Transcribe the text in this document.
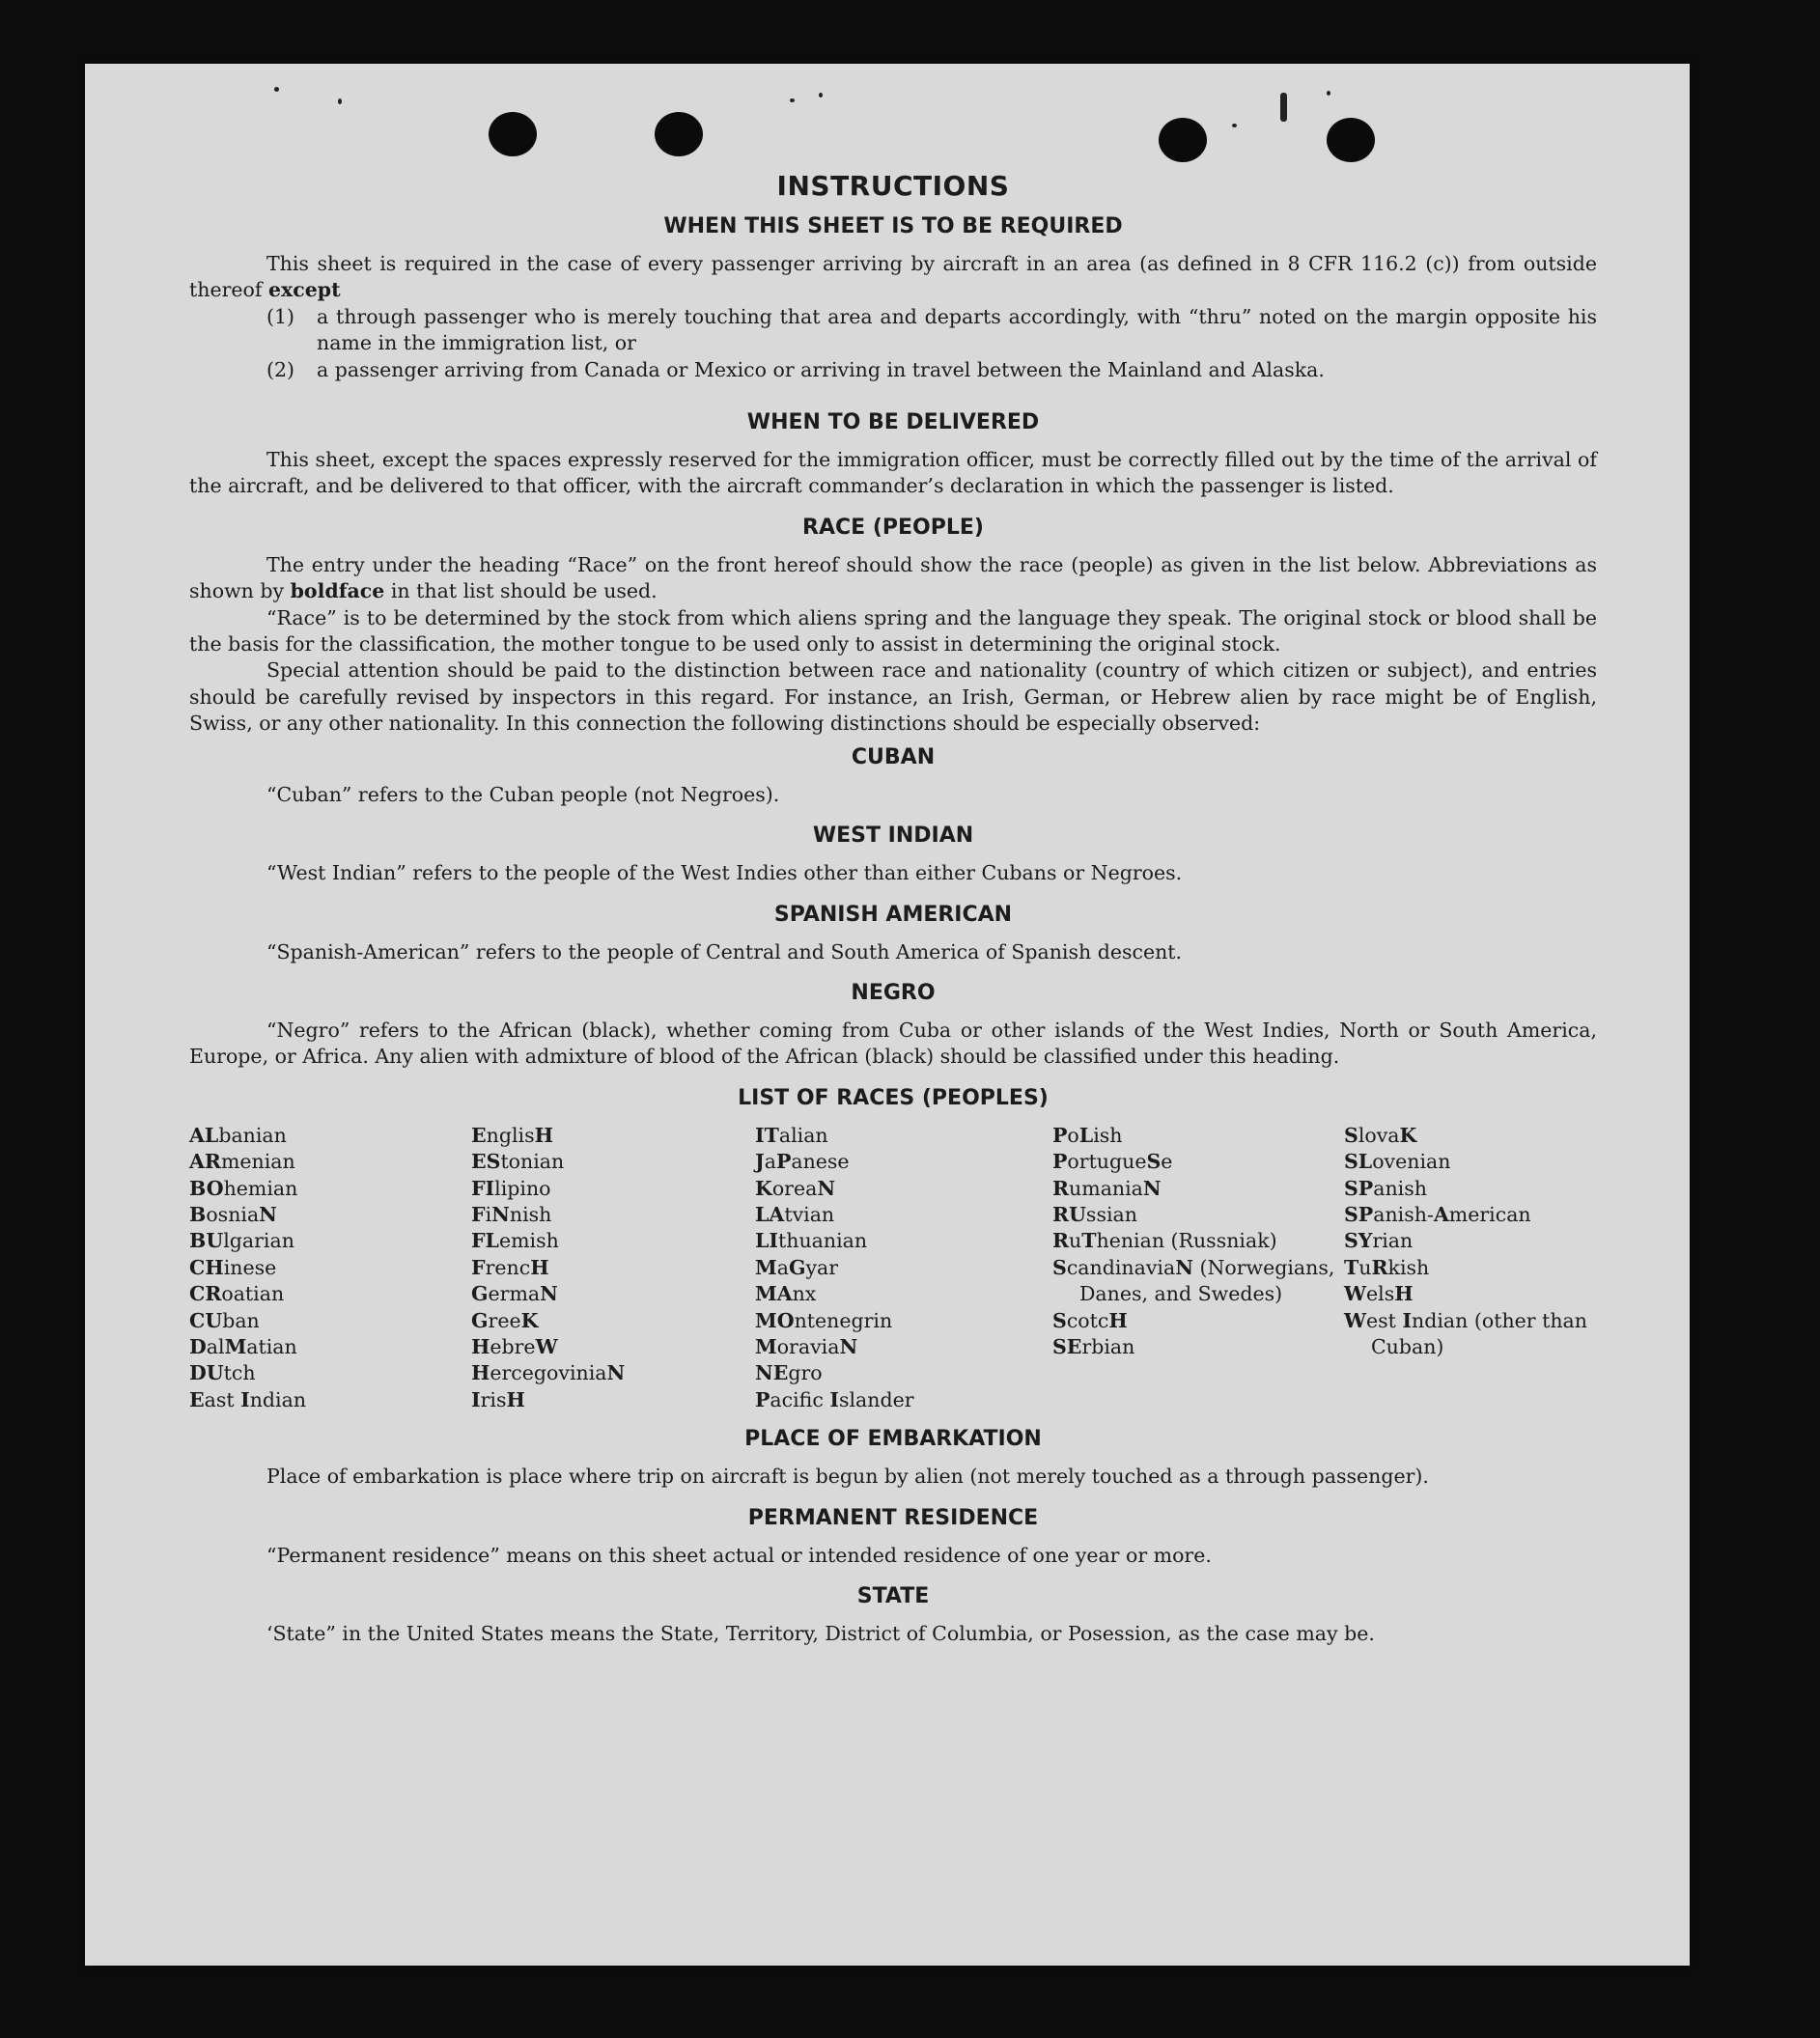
INSTRUCTIONS
WHEN THIS SHEET IS TO BE REQUIRED

This sheet is required in the case of every passenger arriving by aircraft in an area (as defined in 8 CFR 116.2 (c)) from outside thereof except

(1)	a through passenger who is merely touching that area and departs accordingly, with “thru” noted on the margin opposite his name in the immigration list, or
(2)	a passenger arriving from Canada or Mexico or arriving in travel between the Mainland and Alaska.
WHEN TO BE DELIVERED

This sheet, except the spaces expressly reserved for the immigration officer, must be correctly filled out by the time of the arrival of the aircraft, and be delivered to that officer, with the aircraft commander’s declaration in which the passenger is listed.

RACE (PEOPLE)

The entry under the heading “Race” on the front hereof should show the race (people) as given in the list below. Abbreviations as shown by boldface in that list should be used.

“Race” is to be determined by the stock from which aliens spring and the language they speak. The original stock or blood shall be the basis for the classification, the mother tongue to be used only to assist in determining the original stock.

Special attention should be paid to the distinction between race and nationality (country of which citizen or subject), and entries should be carefully revised by inspectors in this regard. For instance, an Irish, German, or Hebrew alien by race might be of English, Swiss, or any other nationality. In this connection the following distinctions should be especially observed:

CUBAN

“Cuban” refers to the Cuban people (not Negroes).

WEST INDIAN

“West Indian” refers to the people of the West Indies other than either Cubans or Negroes.

SPANISH AMERICAN

“Spanish-American” refers to the people of Central and South America of Spanish descent.

NEGRO

“Negro” refers to the African (black), whether coming from Cuba or other islands of the West Indies, North or South America, Europe, or Africa. Any alien with admixture of blood of the African (black) should be classified under this heading.

LIST OF RACES (PEOPLES)
ALbanian
ARmenian
BOhemian
BosniaN
BUlgarian
CHinese
CRoatian
CUban
DalMatian
DUtch
East Indian
EnglisH
EStonian
FIlipino
FiNnish
FLemish
FrencH
GermaN
GreeK
HebreW
HercegoviniaN
IrisH
ITalian
JaPanese
KoreaN
LAtvian
LIthuanian
MaGyar
MAnx
MOntenegrin
MoraviaN
NEgro
Pacific Islander
PoLish
PortugueSe
RumaniaN
RUssian
RuThenian (Russniak)
ScandinaviaN (Norwegians, Danes, and Swedes)
ScotcH
SErbian
SlovaK
SLovenian
SPanish
SPanish-American
SYrian
TuRkish
WelsH
West Indian (other than Cuban)
PLACE OF EMBARKATION

Place of embarkation is place where trip on aircraft is begun by alien (not merely touched as a through passenger).

PERMANENT RESIDENCE

“Permanent residence” means on this sheet actual or intended residence of one year or more.

STATE

‘State” in the United States means the State, Territory, District of Columbia, or Posession, as the case may be.
